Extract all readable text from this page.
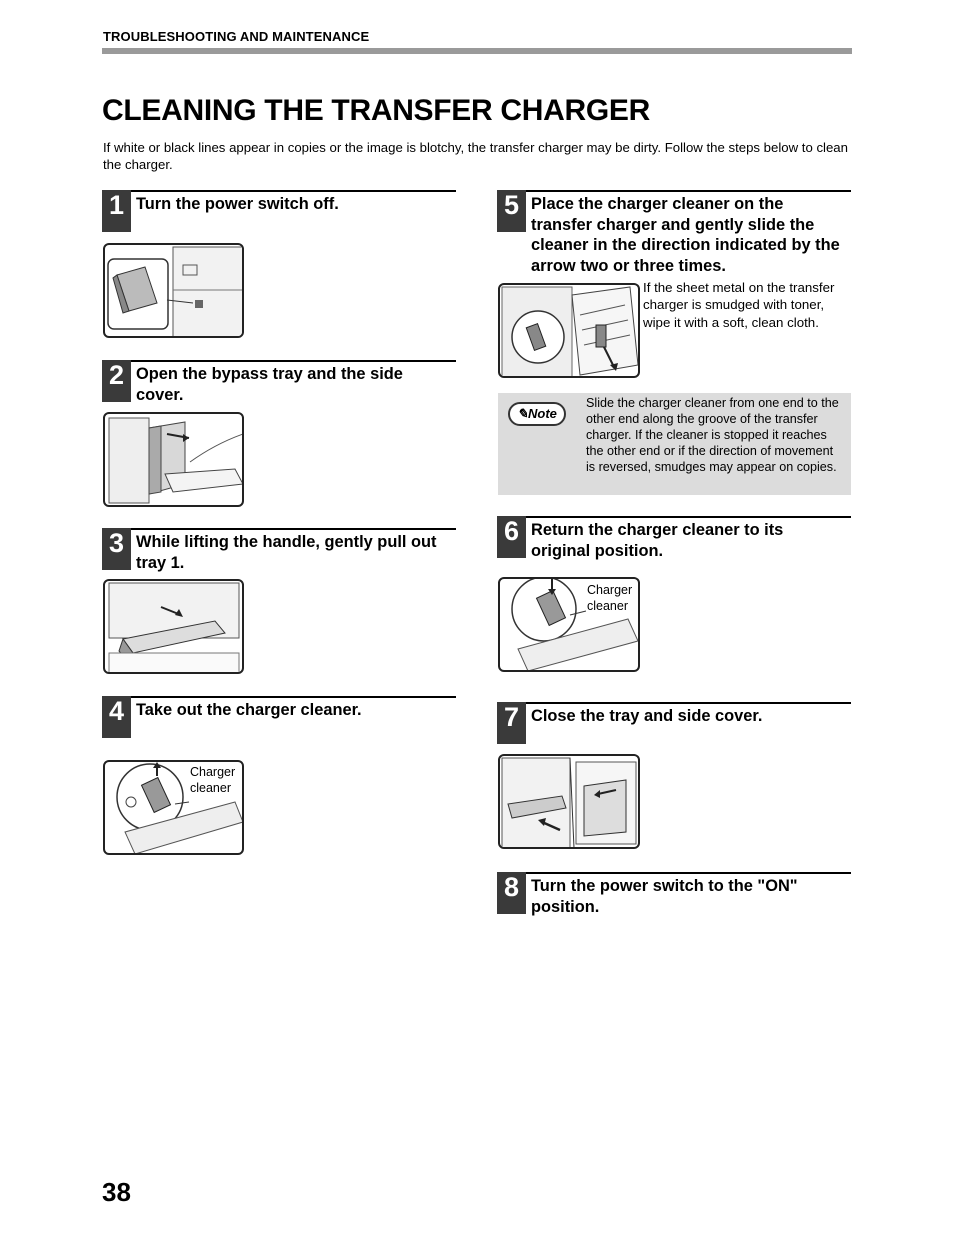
TROUBLESHOOTING AND MAINTENANCE
CLEANING THE TRANSFER CHARGER
If white or black lines appear in copies or the image is blotchy, the transfer charger may be dirty. Follow the steps below to clean the charger.
1 Turn the power switch off.
2 Open the bypass tray and the side cover.
3 While lifting the handle, gently pull out tray 1.
4 Take out the charger cleaner.
Charger
cleaner
5 Place the charger cleaner on the transfer charger and gently slide the cleaner in the direction indicated by the arrow two or three times.
If the sheet metal on the transfer charger is smudged with toner, wipe it with a soft, clean cloth.
✎Note
Slide the charger cleaner from one end to the other end along the groove of the transfer charger. If the cleaner is stopped it reaches the other end or if the direction of movement is reversed, smudges may appear on copies.
6 Return the charger cleaner to its original position.
Charger
cleaner
7 Close the tray and side cover.
8 Turn the power switch to the "ON" position.
38
